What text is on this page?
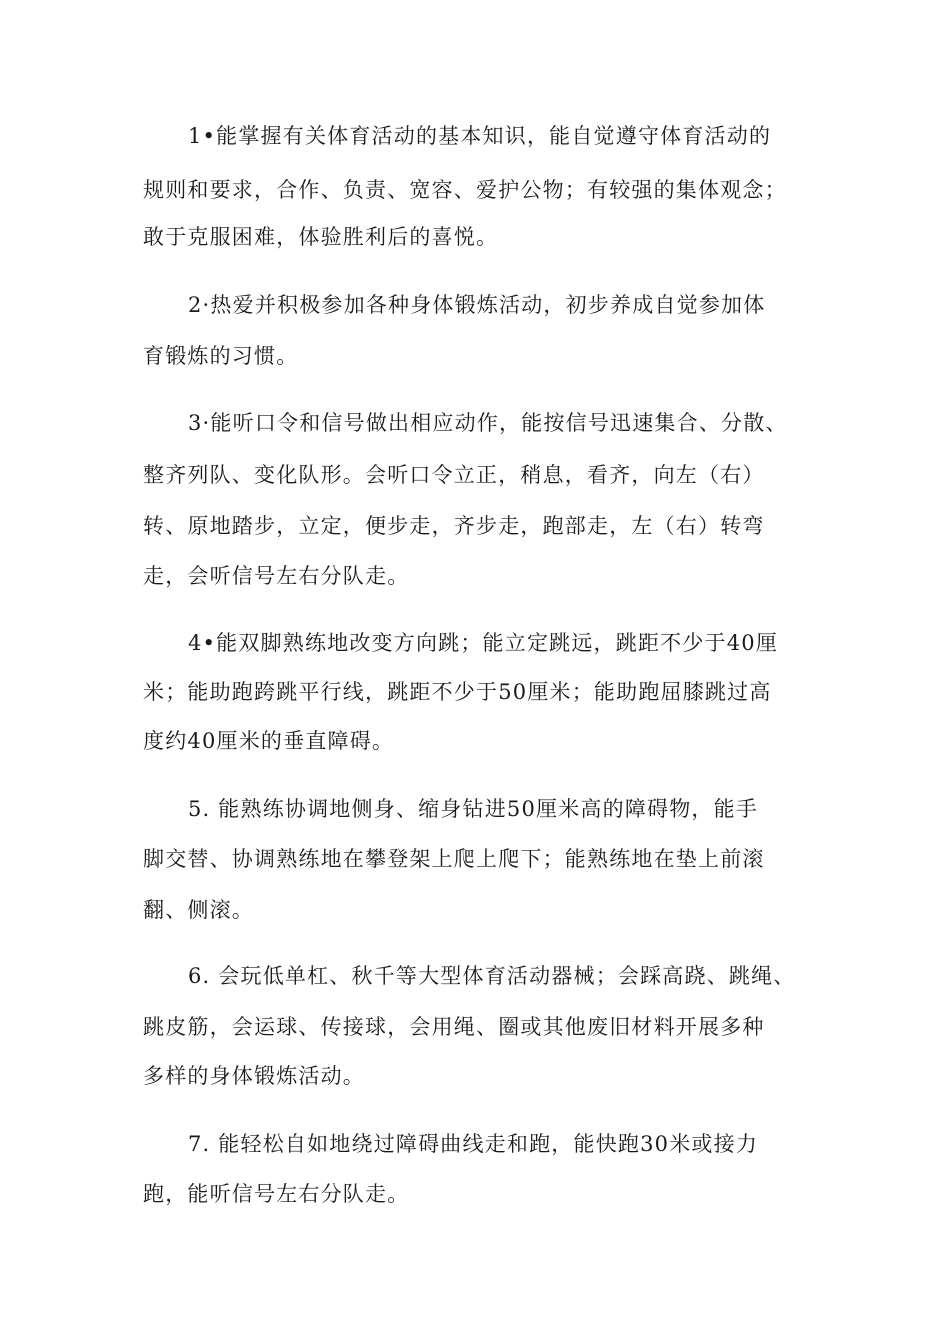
1•能掌握有关体育活动的基本知识，能自觉遵守体育活动的
规则和要求，合作、负责、宽容、爱护公物；有较强的集体观念；
敢于克服困难，体验胜利后的喜悦。
2·热爱并积极参加各种身体锻炼活动，初步养成自觉参加体
育锻炼的习惯。
3·能听口令和信号做出相应动作，能按信号迅速集合、分散、
整齐列队、变化队形。会听口令立正，稍息，看齐，向左（右）
转、原地踏步，立定，便步走，齐步走，跑部走，左（右）转弯
走，会听信号左右分队走。
4•能双脚熟练地改变方向跳；能立定跳远，跳距不少于40厘
米；能助跑跨跳平行线，跳距不少于50厘米；能助跑屈膝跳过高
度约40厘米的垂直障碍。
5. 能熟练协调地侧身、缩身钻进50厘米高的障碍物，能手
脚交替、协调熟练地在攀登架上爬上爬下；能熟练地在垫上前滚
翻、侧滚。
6. 会玩低单杠、秋千等大型体育活动器械；会踩高跷、跳绳、
跳皮筋，会运球、传接球，会用绳、圈或其他废旧材料开展多种
多样的身体锻炼活动。
7. 能轻松自如地绕过障碍曲线走和跑，能快跑30米或接力
跑，能听信号左右分队走。
